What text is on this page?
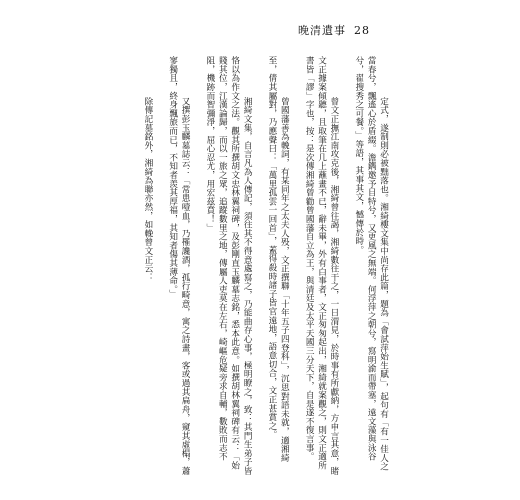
晚清遺事 28

定式，遂制則必被黜落也。湘綺樓文集中尚存此篇，題為「會試萍始生賦」，起句有「有一佳人之當春兮，飄遙心於盾綴。澹鐫邀予目特兮，又更風之無端。何浮萍之朝兮，寫明渝而帶塞，遠文藻與泳谷兮，翟搜秀之可餐。」等語，其事其文，憾傳於時。
曾文正撫江南攻克後，湘綺曾往謁，湘綺數往干之，一日渭見，於時事有所獻納，方申言其意，睹文正據案傾聽，且取筆在几上蘸畫不已，辭未畢，外有白事者，文正匆匆起出，湘綺就案觀之，則文正適所書皆「謬」字也，按：是次傳湘綺曾勸曾國藩自立為王，與清廷及太平天國三分天下，自是遂不復言事。
曾國藩善為輓詞，有某同年之太夫人殁，文正撰聯「十年五子四登科」，沉思對語未就，適湘綺至，倩其屬對，乃應聲曰：「萬里孤雲一回首」，蓋得殺時諸子皆官遠地，語意切合，文正甚賞之。
湘綺文集，自言凡為人傳記，須往其不得意處寫之，乃能曲存心事，極明瞭之，致：其門生弟子皆恪以為作文之法。觀其所撰胡文忠林翼祠碑，及彭剛直玉麟墓志銘，悉本此意。如撰胡林翼祠碑有云：「始賤其位，江漢論歸，而以一旅之眾，追蹤數里之地，傳屬人吏莫在左右，崎嶇危疑旁求自輔，數敗而志不阻，機跡而智彌淨，屈心忍尤，用宏茲賁！」
又撰彭玉麟墓誌云：「常患噎血，乃罹讒酒，孤行畸意，寓之詩畫，客或過其扁舟，窺其虛榻，蕭寥獨且，終身飄旅而已，不知者羨其厚福，其知者傷其薄命。」
除傳記墓銘外，湘綺為聯亦然，如輓曾文正云：
